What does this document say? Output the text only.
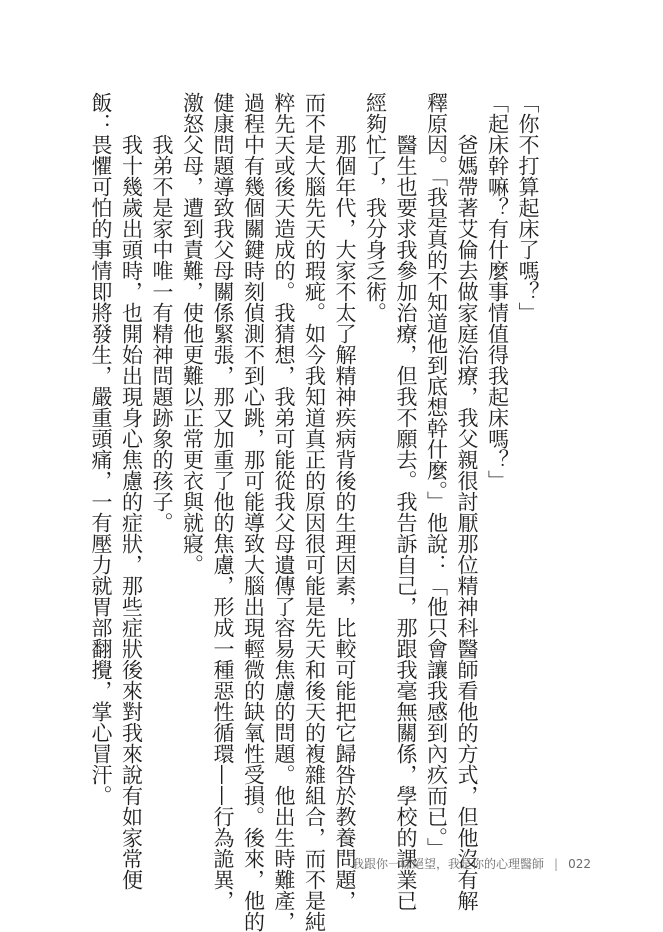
「你不打算起床了嗎？」
「起床幹嘛？有什麼事情值得我起床嗎？」
爸媽帶著艾倫去做家庭治療，我父親很討厭那位精神科醫師看他的方式，但他沒有解
釋原因。「我是真的不知道他到底想幹什麼。」他說：「他只會讓我感到內疚而已。」
醫生也要求我參加治療，但我不願去。我告訴自己，那跟我毫無關係，學校的課業已
經夠忙了，我分身乏術。
那個年代，大家不太了解精神疾病背後的生理因素，比較可能把它歸咎於教養問題，
而不是大腦先天的瑕疵。如今我知道真正的原因很可能是先天和後天的複雜組合，而不是純
粹先天或後天造成的。我猜想，我弟可能從我父母遺傳了容易焦慮的問題。他出生時難產，
過程中有幾個關鍵時刻偵測不到心跳，那可能導致大腦出現輕微的缺氧性受損。後來，他的
健康問題導致我父母關係緊張，那又加重了他的焦慮，形成一種惡性循環——行為詭異，
激怒父母，遭到責難，使他更難以正常更衣與就寢。
我弟不是家中唯一有精神問題跡象的孩子。
我十幾歲出頭時，也開始出現身心焦慮的症狀，那些症狀後來對我來說有如家常便
飯：畏懼可怕的事情即將發生，嚴重頭痛，一有壓力就胃部翻攪，掌心冒汗。
我跟你一樣絕望，我是你的心理醫師 | 022
